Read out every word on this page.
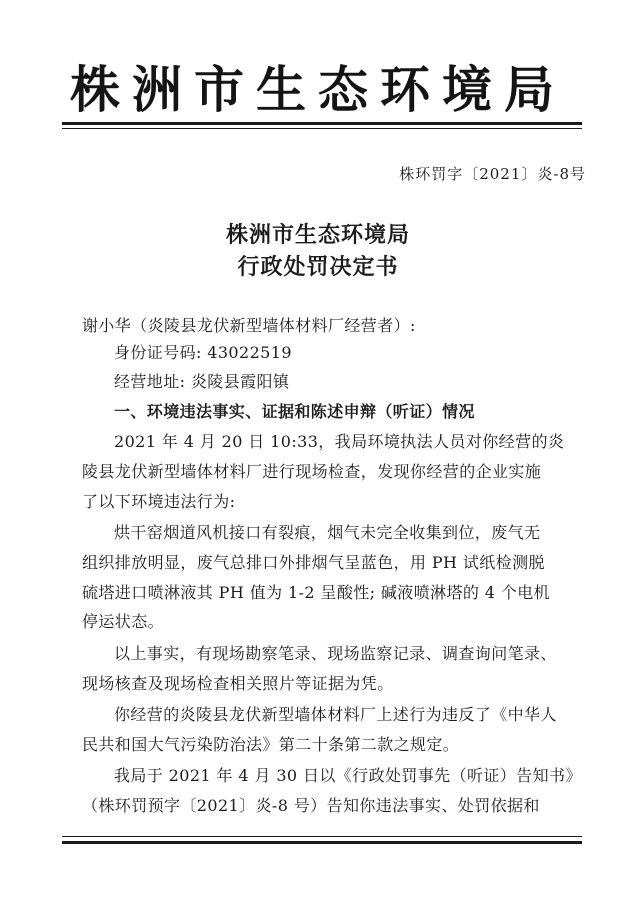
株洲市生态环境局
株环罚字〔2021〕炎-8号
株洲市生态环境局
行政处罚决定书
谢小华（炎陵县龙伏新型墙体材料厂经营者）:
身份证号码: 43022519
经营地址: 炎陵县霞阳镇
一、环境违法事实、证据和陈述申辩（听证）情况
2021 年 4 月 20 日 10:33，我局环境执法人员对你经营的炎
陵县龙伏新型墙体材料厂进行现场检查，发现你经营的企业实施
了以下环境违法行为:
烘干窑烟道风机接口有裂痕，烟气未完全收集到位，废气无
组织排放明显，废气总排口外排烟气呈蓝色，用 PH 试纸检测脱
硫塔进口喷淋液其 PH 值为 1-2 呈酸性; 碱液喷淋塔的 4 个电机
停运状态。
以上事实，有现场勘察笔录、现场监察记录、调查询问笔录、
现场核查及现场检查相关照片等证据为凭。
你经营的炎陵县龙伏新型墙体材料厂上述行为违反了《中华人
民共和国大气污染防治法》第二十条第二款之规定。
我局于 2021 年 4 月 30 日以《行政处罚事先（听证）告知书》
（株环罚预字〔2021〕炎-8 号）告知你违法事实、处罚依据和
